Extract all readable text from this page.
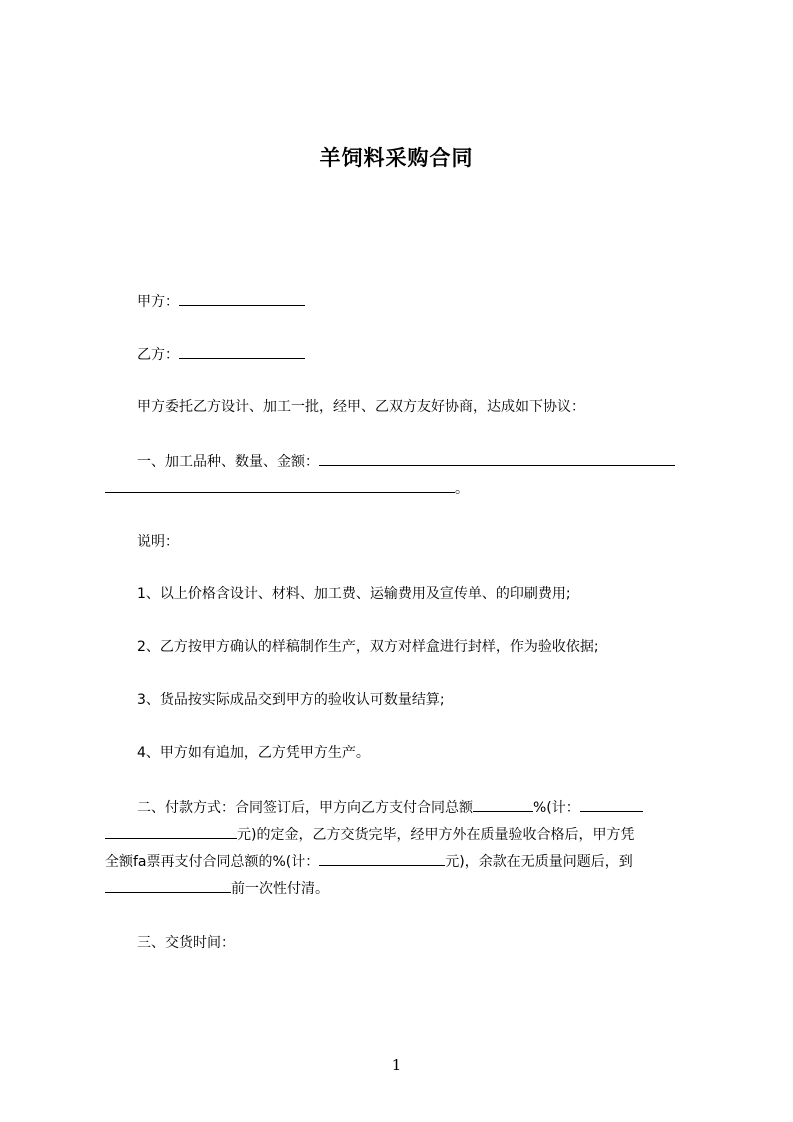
羊饲料采购合同
甲方：
乙方：
甲方委托乙方设计、加工一批，经甲、乙双方友好协商，达成如下协议：
一、加工品种、数量、金额：
。
说明：
1、以上价格含设计、材料、加工费、运输费用及宣传单、的印刷费用;
2、乙方按甲方确认的样稿制作生产，双方对样盒进行封样，作为验收依据;
3、货品按实际成品交到甲方的验收认可数量结算;
4、甲方如有追加，乙方凭甲方生产。
二、付款方式：合同签订后，甲方向乙方支付合同总额	%(计：
元)的定金，乙方交货完毕，经甲方外在质量验收合格后，甲方凭
全额fa票再支付合同总额的%(计：	元)，余款在无质量问题后，到
前一次性付清。
三、交货时间：
1
